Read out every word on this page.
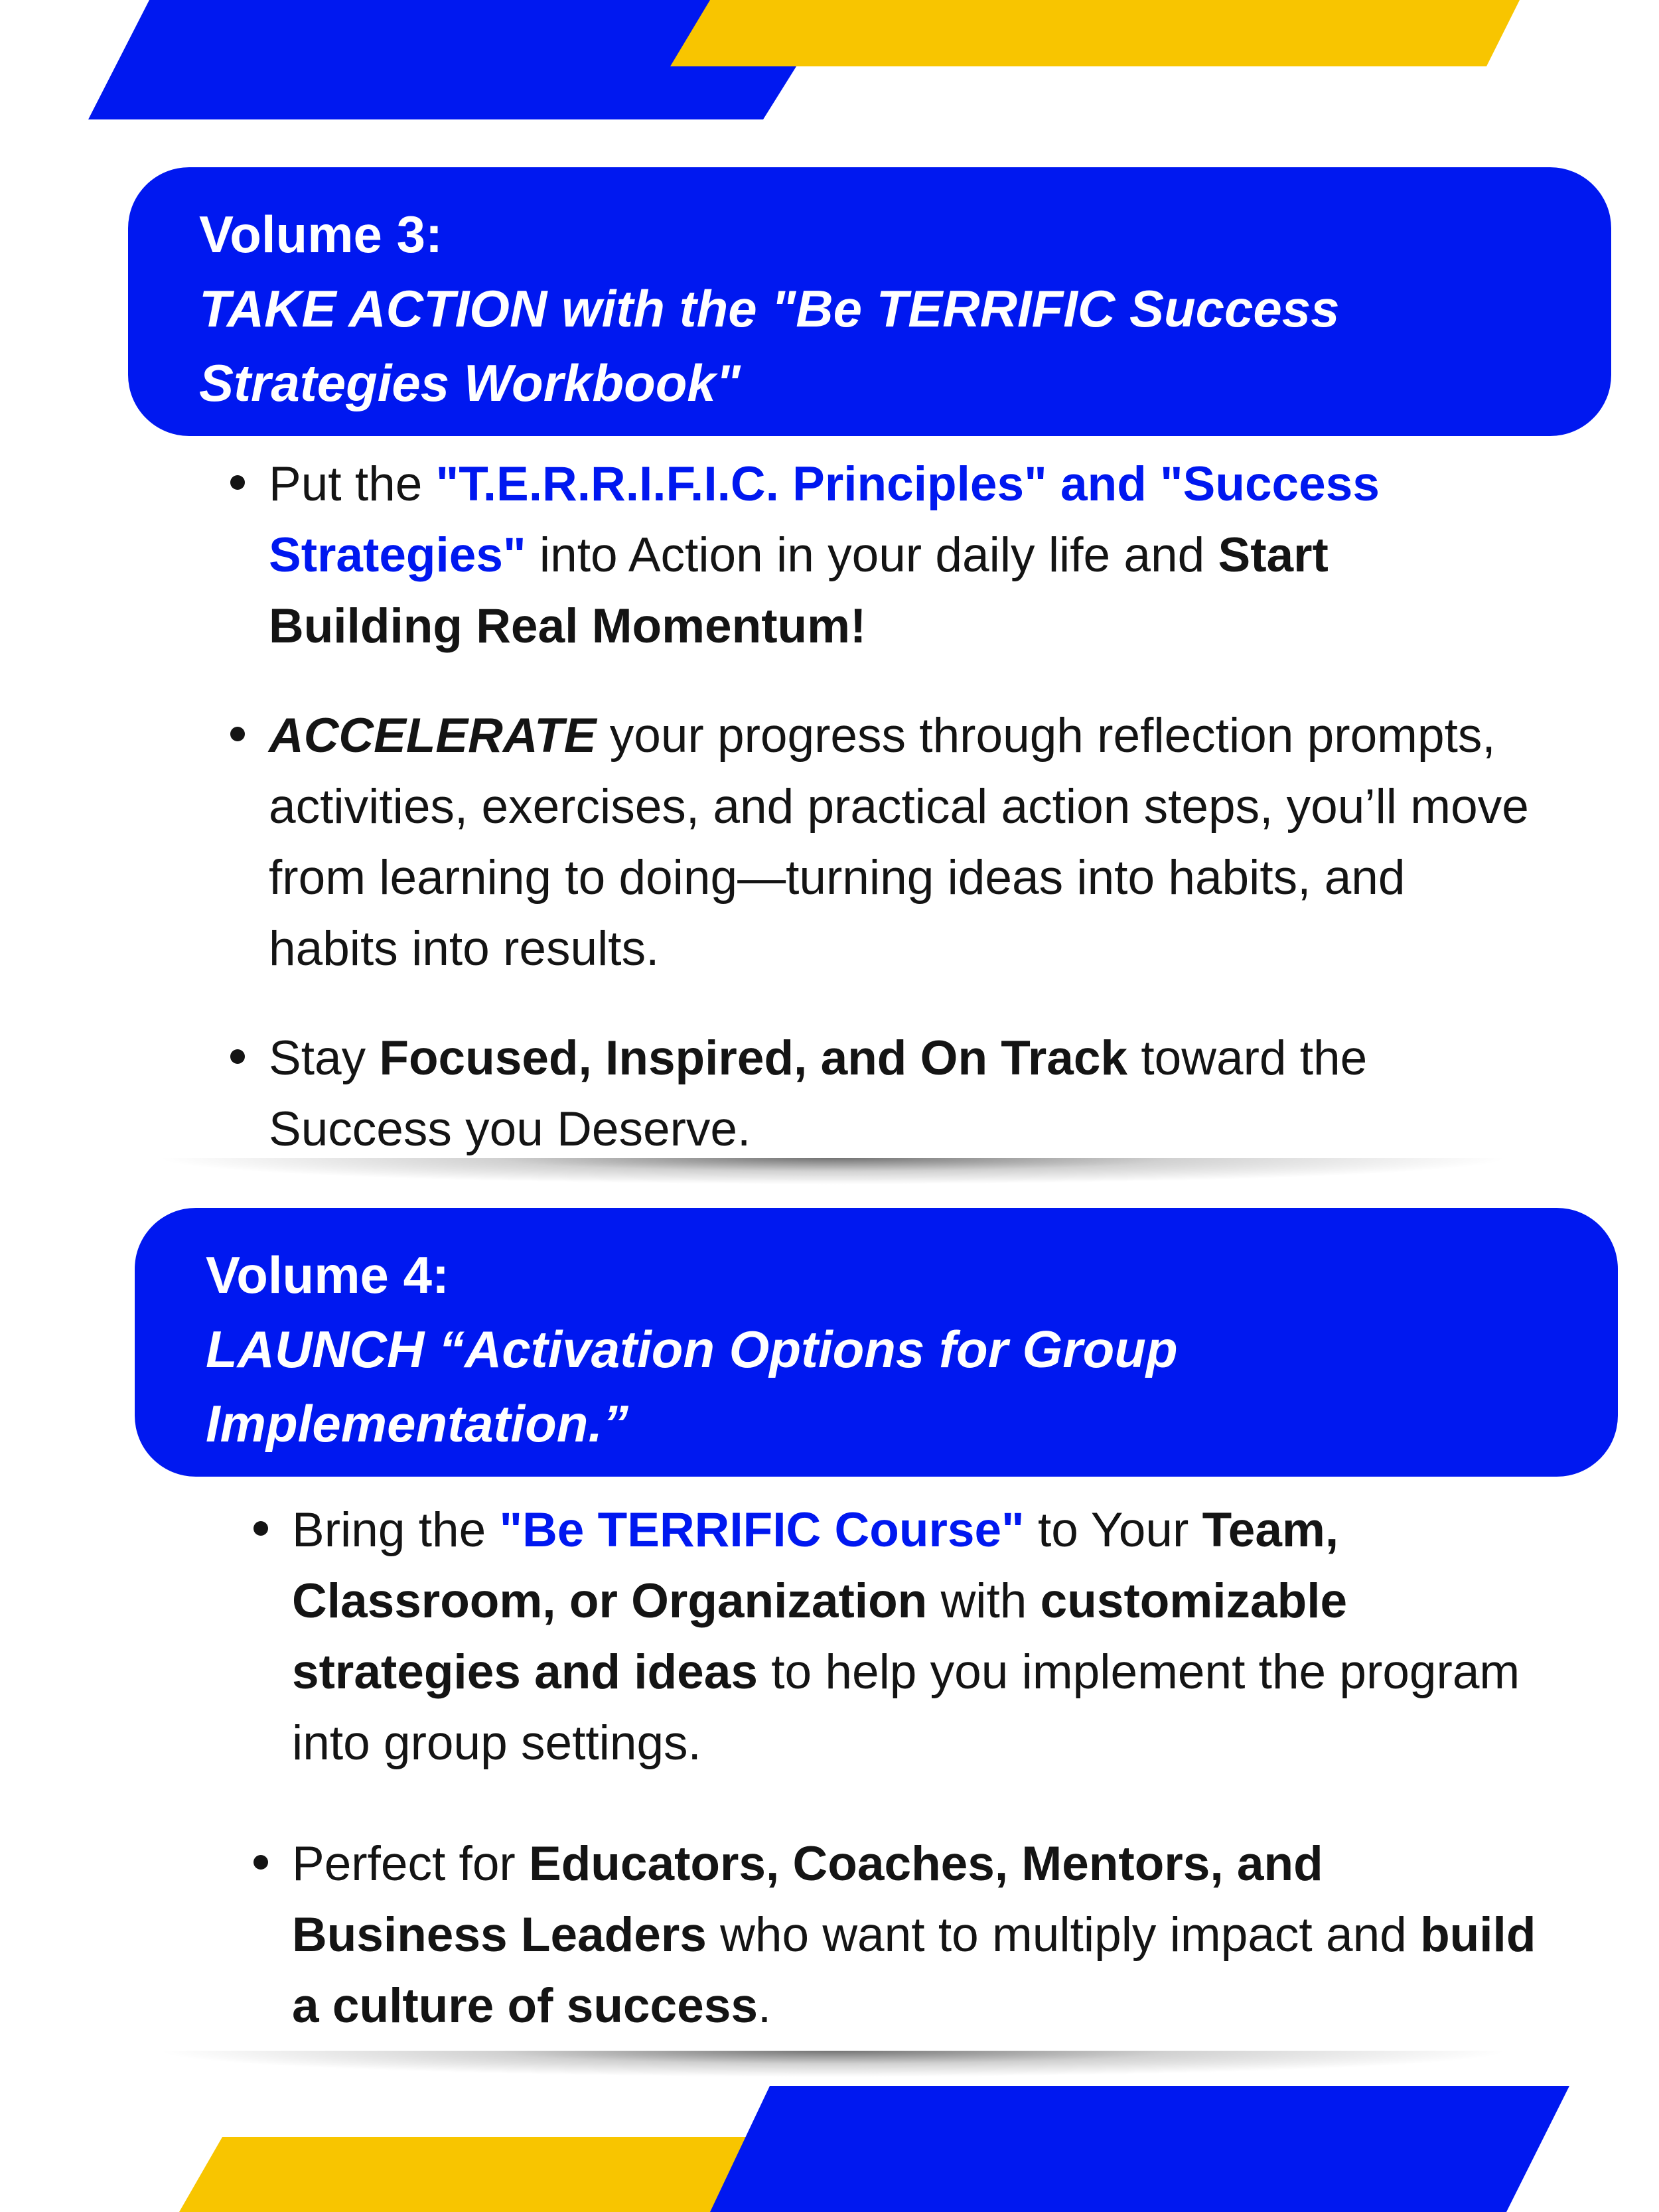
Volume 3:
TAKE ACTION with the "Be TERRIFIC Success
Strategies Workbook"
Put the "T.E.R.R.I.F.I.C. Principles" and "Success Strategies" into Action in your daily life and Start Building Real Momentum!
ACCELERATE your progress through reflection prompts, activities, exercises, and practical action steps, you’ll move from learning to doing—turning ideas into habits, and habits into results.
Stay Focused, Inspired, and On Track toward the Success you Deserve.
Volume 4:
LAUNCH “Activation Options for Group
Implementation.”
Bring the "Be TERRIFIC Course" to Your Team, Classroom, or Organization with customizable strategies and ideas to help you implement the program into group settings.
Perfect for Educators, Coaches, Mentors, and Business Leaders who want to multiply impact and build a culture of success.
